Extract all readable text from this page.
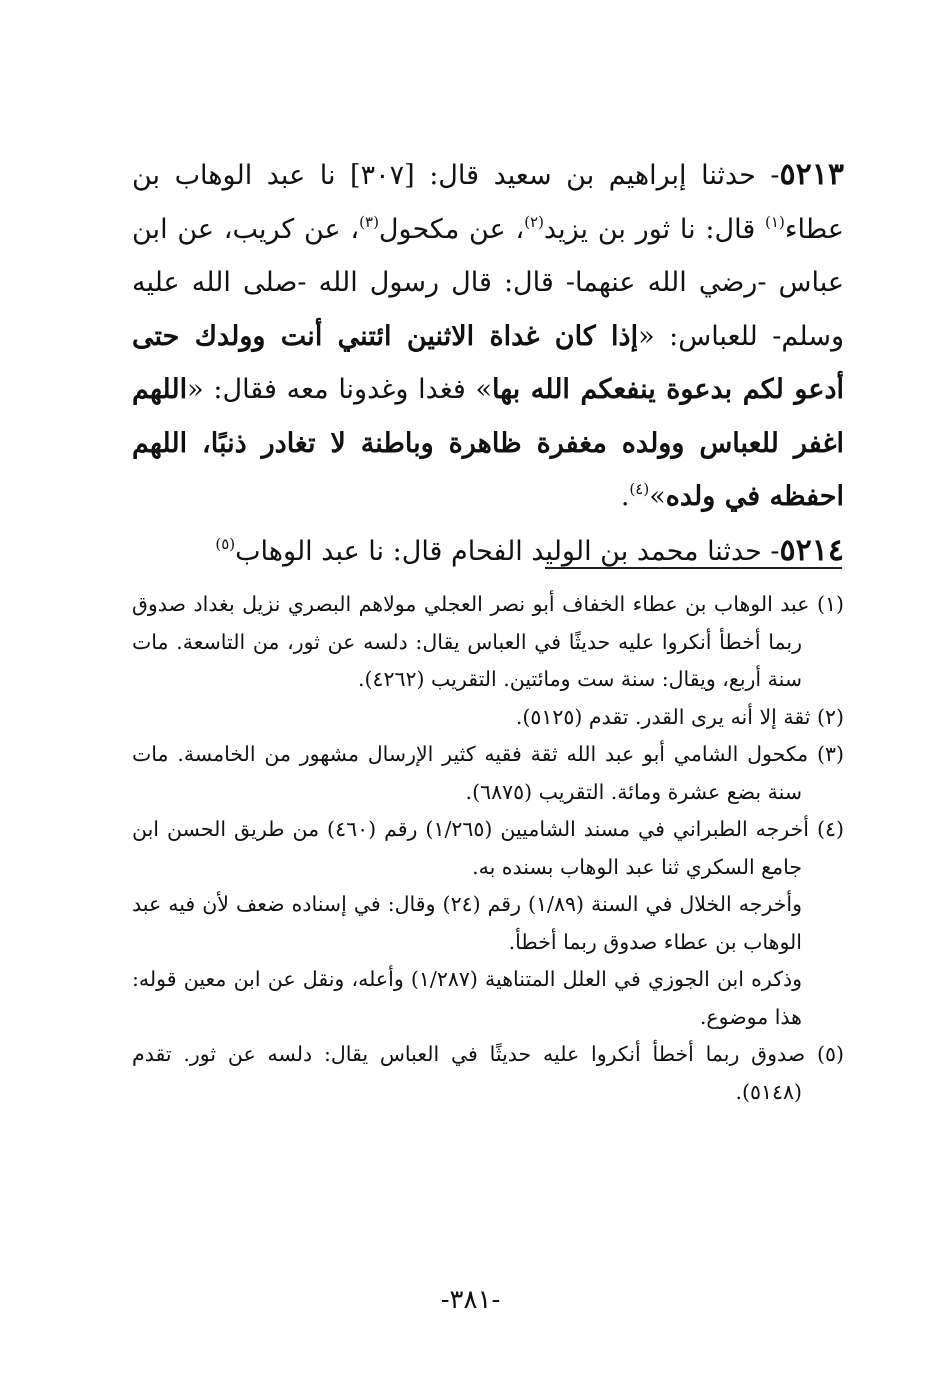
٥٢١٣- حدثنا إبراهيم بن سعيد قال: [٣٠٧] نا عبد الوهاب بن عطاء$^{(١)}$ قال: نا ثور بن يزيد$^{(٢)}$، عن مكحول$^{(٣)}$، عن كريب، عن ابن عباس -رضي الله عنهما- قال: قال رسول الله -صلى الله عليه وسلم- للعباس: «إذا كان غداة الاثنين ائتني أنت وولدك حتى أدعو لكم بدعوة ينفعكم الله بها» فغدا وغدونا معه فقال: «اللهم اغفر للعباس وولده مغفرة ظاهرة وباطنة لا تغادر ذنبًا، اللهم احفظه في ولده»$^{(٤)}$.
٥٢١٤- حدثنا محمد بن الوليد الفحام قال: نا عبد الوهاب$^{(٥)}$

(١) عبد الوهاب بن عطاء الخفاف أبو نصر العجلي مولاهم البصري نزيل بغداد صدوق ربما أخطأ أنكروا عليه حديثًا في العباس يقال: دلسه عن ثور، من التاسعة. مات سنة أربع، ويقال: سنة ست ومائتين. التقريب (٤٢٦٢).

(٢) ثقة إلا أنه يرى القدر. تقدم (٥١٢٥).

(٣) مكحول الشامي أبو عبد الله ثقة فقيه كثير الإرسال مشهور من الخامسة. مات سنة بضع عشرة ومائة. التقريب (٦٨٧٥).

(٤) أخرجه الطبراني في مسند الشاميين (١/٢٦٥) رقم (٤٦٠) من طريق الحسن ابن جامع السكري ثنا عبد الوهاب بسنده به.

وأخرجه الخلال في السنة (١/٨٩) رقم (٢٤) وقال: في إسناده ضعف لأن فيه عبد الوهاب بن عطاء صدوق ربما أخطأ.

وذكره ابن الجوزي في العلل المتناهية (١/٢٨٧) وأعله، ونقل عن ابن معين قوله: هذا موضوع.

(٥) صدوق ربما أخطأ أنكروا عليه حديثًا في العباس يقال: دلسه عن ثور. تقدم (٥١٤٨).

-٣٨١-
